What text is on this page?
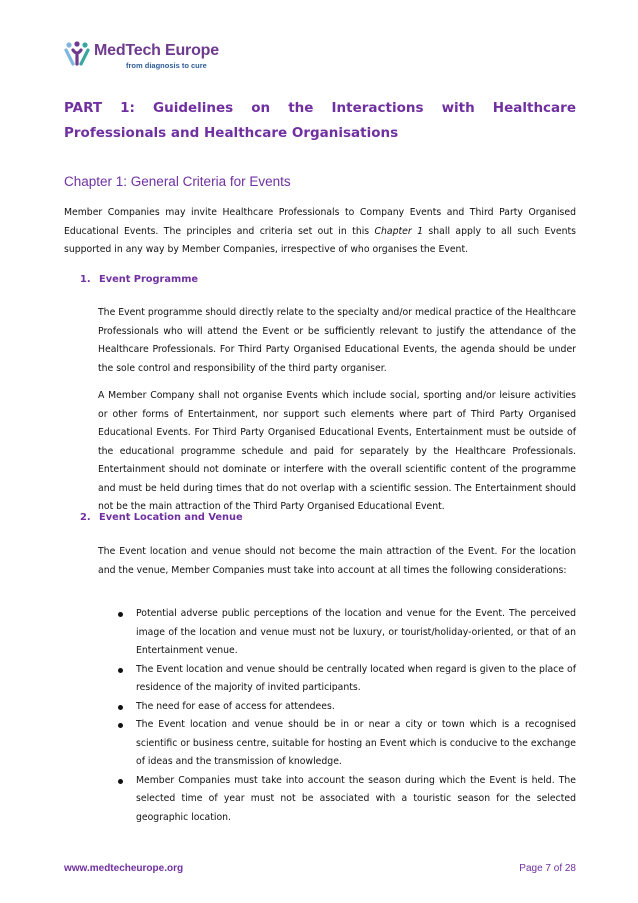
MedTech Europe
from diagnosis to cure
PART 1: Guidelines on the Interactions with Healthcare Professionals and Healthcare Organisations
Chapter 1: General Criteria for Events

Member Companies may invite Healthcare Professionals to Company Events and Third Party Organised Educational Events. The principles and criteria set out in this Chapter 1 shall apply to all such Events supported in any way by Member Companies, irrespective of who organises the Event.

1. Event Programme

The Event programme should directly relate to the specialty and/or medical practice of the Healthcare Professionals who will attend the Event or be sufficiently relevant to justify the attendance of the Healthcare Professionals. For Third Party Organised Educational Events, the agenda should be under the sole control and responsibility of the third party organiser.

A Member Company shall not organise Events which include social, sporting and/or leisure activities or other forms of Entertainment, nor support such elements where part of Third Party Organised Educational Events. For Third Party Organised Educational Events, Entertainment must be outside of the educational programme schedule and paid for separately by the Healthcare Professionals. Entertainment should not dominate or interfere with the overall scientific content of the programme and must be held during times that do not overlap with a scientific session. The Entertainment should not be the main attraction of the Third Party Organised Educational Event.

2. Event Location and Venue

The Event location and venue should not become the main attraction of the Event. For the location and the venue, Member Companies must take into account at all times the following considerations:

Potential adverse public perceptions of the location and venue for the Event. The perceived image of the location and venue must not be luxury, or tourist/holiday-oriented, or that of an Entertainment venue.
The Event location and venue should be centrally located when regard is given to the place of residence of the majority of invited participants.
The need for ease of access for attendees.
The Event location and venue should be in or near a city or town which is a recognised scientific or business centre, suitable for hosting an Event which is conducive to the exchange of ideas and the transmission of knowledge.
Member Companies must take into account the season during which the Event is held. The selected time of year must not be associated with a touristic season for the selected geographic location.
www.medtecheurope.org	Page 7 of 28
